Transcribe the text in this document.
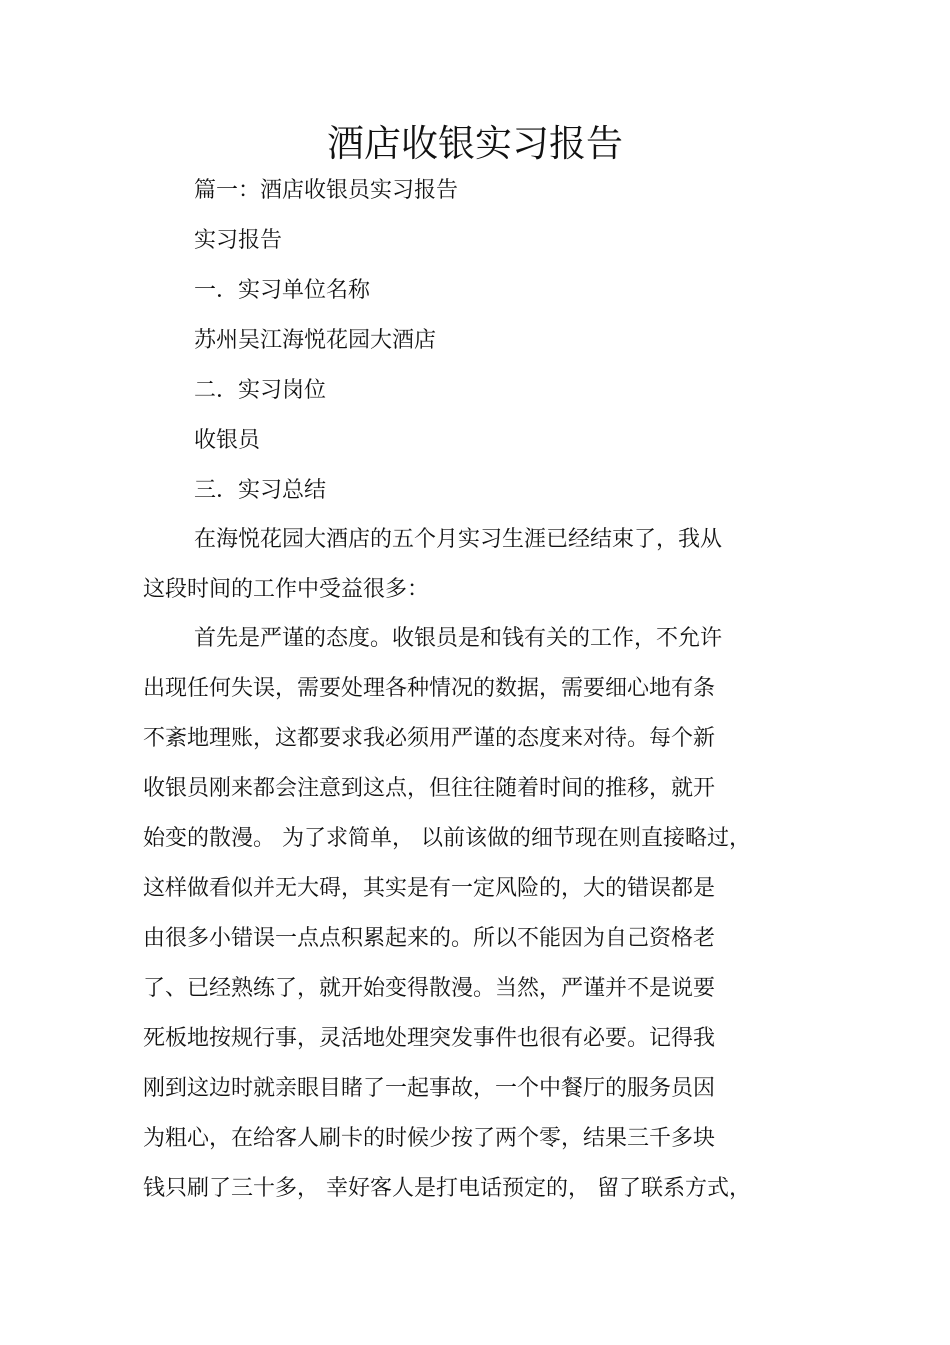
酒店收银实习报告
篇一：酒店收银员实习报告
实习报告
一．实习单位名称
苏州吴江海悦花园大酒店
二．实习岗位
收银员
三．实习总结
在海悦花园大酒店的五个月实习生涯已经结束了，我从
这段时间的工作中受益很多：
首先是严谨的态度。收银员是和钱有关的工作，不允许
出现任何失误，需要处理各种情况的数据，需要细心地有条
不紊地理账，这都要求我必须用严谨的态度来对待。每个新
收银员刚来都会注意到这点，但往往随着时间的推移，就开
始变的散漫。 为了求简单， 以前该做的细节现在则直接略过，
这样做看似并无大碍，其实是有一定风险的，大的错误都是
由很多小错误一点点积累起来的。所以不能因为自己资格老
了、已经熟练了，就开始变得散漫。当然，严谨并不是说要
死板地按规行事，灵活地处理突发事件也很有必要。记得我
刚到这边时就亲眼目睹了一起事故，一个中餐厅的服务员因
为粗心，在给客人刷卡的时候少按了两个零，结果三千多块
钱只刷了三十多， 幸好客人是打电话预定的， 留了联系方式，
